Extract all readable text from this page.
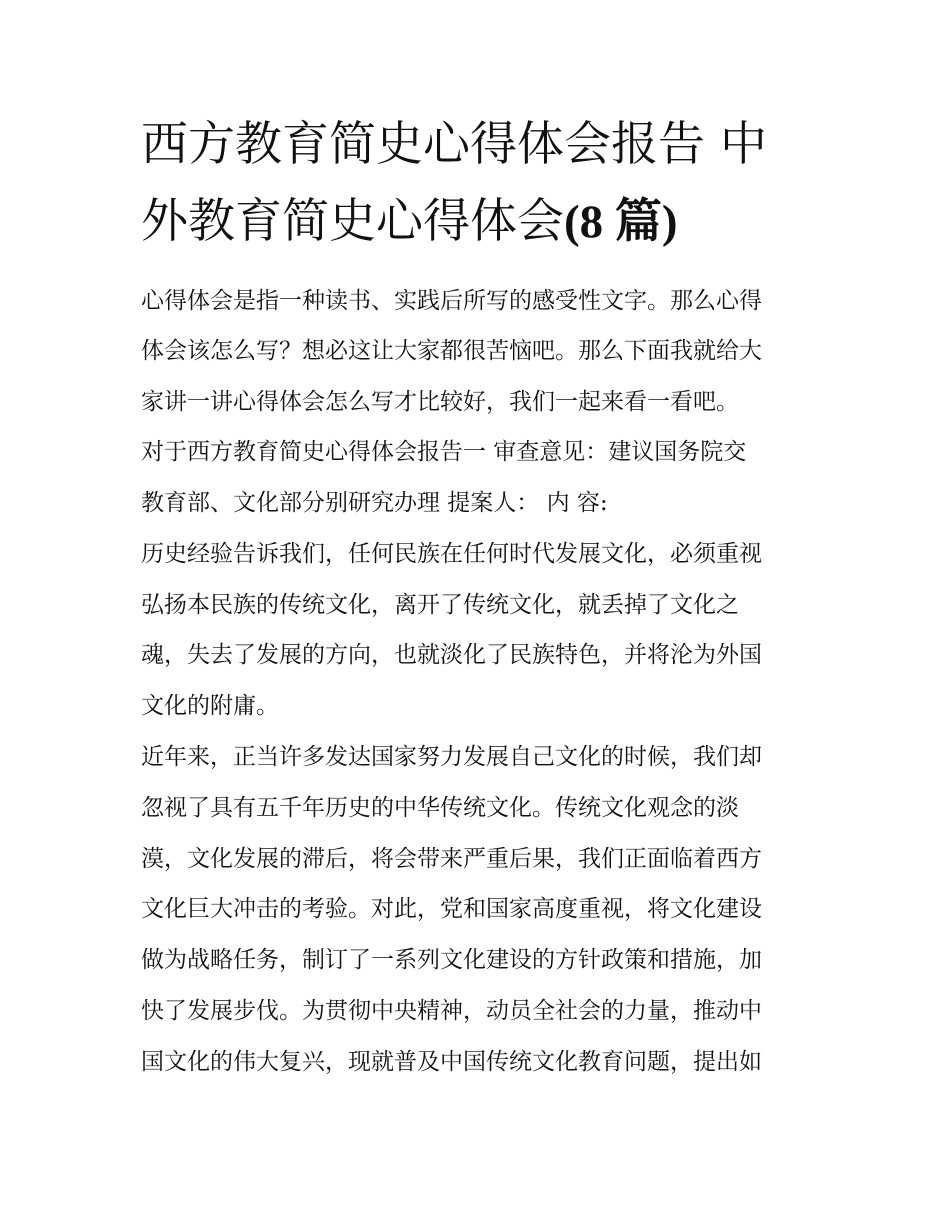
西方教育简史心得体会报告 中
外教育简史心得体会(8 篇)
心得体会是指一种读书、实践后所写的感受性文字。那么心得
体会该怎么写？想必这让大家都很苦恼吧。那么下面我就给大
家讲一讲心得体会怎么写才比较好，我们一起来看一看吧。
对于西方教育简史心得体会报告一 审查意见：建议国务院交
教育部、文化部分别研究办理 提案人： 内 容:
历史经验告诉我们，任何民族在任何时代发展文化，必须重视
弘扬本民族的传统文化，离开了传统文化，就丢掉了文化之
魂，失去了发展的方向，也就淡化了民族特色，并将沦为外国
文化的附庸。
近年来，正当许多发达国家努力发展自己文化的时候，我们却
忽视了具有五千年历史的中华传统文化。传统文化观念的淡
漠，文化发展的滞后，将会带来严重后果，我们正面临着西方
文化巨大冲击的考验。对此，党和国家高度重视，将文化建设
做为战略任务，制订了一系列文化建设的方针政策和措施，加
快了发展步伐。为贯彻中央精神，动员全社会的力量，推动中
国文化的伟大复兴，现就普及中国传统文化教育问题，提出如
